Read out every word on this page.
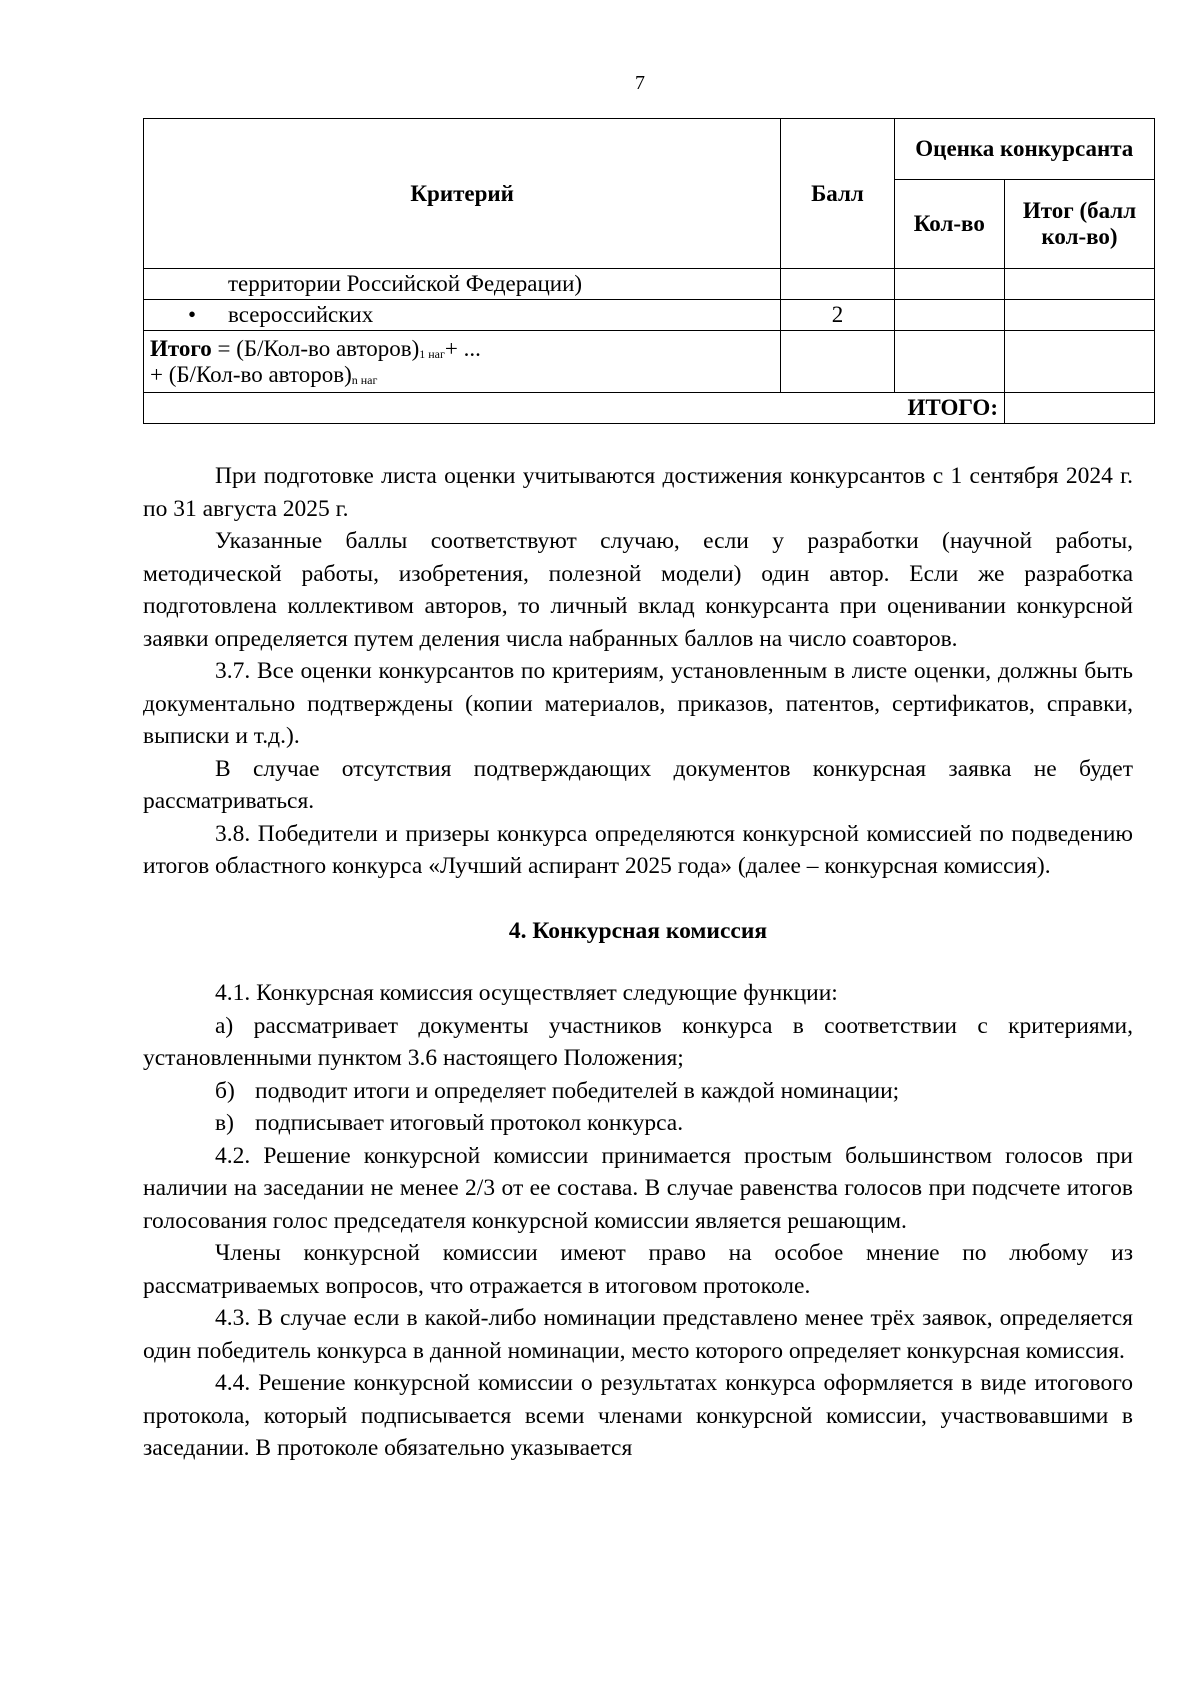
7
Критерий	Балл	Оценка конкурсанта	
		Кол-во	Итог (балл кол-во)
территории Российской Федерации)			

• всероссийских	2		

Итого = (Б/Кол-во $авторов)_{1 наг}+$ ...
+ (Б/Кол-во $авторов)_{n наг}$

ИТОГО:			

При подготовке листа оценки учитываются достижения конкурсантов с 1 сентября 2024 г. по 31 августа 2025 г.

Указанные баллы соответствуют случаю, если у разработки (научной работы, методической работы, изобретения, полезной модели) один автор. Если же разработка подготовлена коллективом авторов, то личный вклад конкурсанта при оценивании конкурсной заявки определяется путем деления числа набранных баллов на число соавторов.

3.7. Все оценки конкурсантов по критериям, установленным в листе оценки, должны быть документально подтверждены (копии материалов, приказов, патентов, сертификатов, справки, выписки и т.д.).

В случае отсутствия подтверждающих документов конкурсная заявка не будет рассматриваться.

3.8. Победители и призеры конкурса определяются конкурсной комиссией по подведению итогов областного конкурса «Лучший аспирант 2025 года» (далее – конкурсная комиссия).

4. Конкурсная комиссия

4.1. Конкурсная комиссия осуществляет следующие функции:

а) рассматривает документы участников конкурса в соответствии с критериями, установленными пунктом 3.6 настоящего Положения;

б) подводит итоги и определяет победителей в каждой номинации;

в) подписывает итоговый протокол конкурса.

4.2. Решение конкурсной комиссии принимается простым большинством голосов при наличии на заседании не менее 2/3 от ее состава. В случае равенства голосов при подсчете итогов голосования голос председателя конкурсной комиссии является решающим.

Члены конкурсной комиссии имеют право на особое мнение по любому из рассматриваемых вопросов, что отражается в итоговом протоколе.

4.3. В случае если в какой-либо номинации представлено менее трёх заявок, определяется один победитель конкурса в данной номинации, место которого определяет конкурсная комиссия.

4.4. Решение конкурсной комиссии о результатах конкурса оформляется в виде итогового протокола, который подписывается всеми членами конкурсной комиссии, участвовавшими в заседании. В протоколе обязательно указывается
